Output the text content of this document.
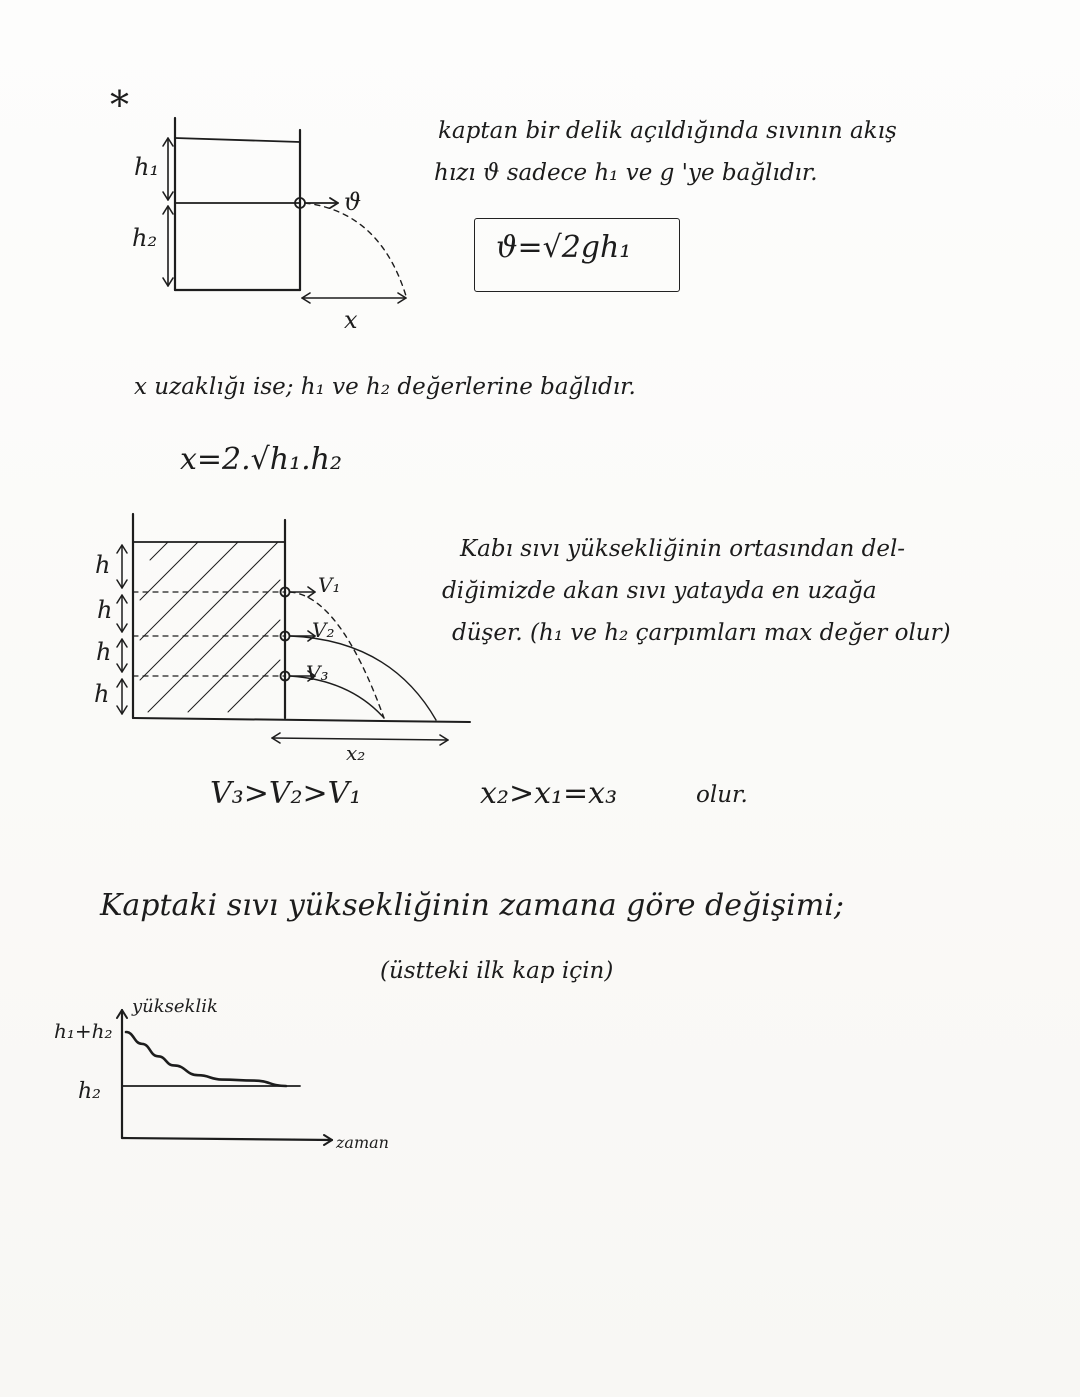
*
h₁
h₂
ϑ
x
h
h
h
h
V₁
V₂
V₃
x₂
kaptan bir delik açıldığında sıvının akış
hızı ϑ sadece h₁ ve g 'ye bağlıdır.
ϑ=√2gh₁
x uzaklığı ise; h₁ ve h₂ değerlerine bağlıdır.
x=2.√h₁.h₂
Kabı sıvı yüksekliğinin ortasından del-
diğimizde akan sıvı yatayda en uzağa
düşer. (h₁ ve h₂ çarpımları max değer olur)
V₃>V₂>V₁	x₂>x₁=x₃	olur.
Kaptaki sıvı yüksekliğinin zamana göre değişimi;
(üstteki ilk kap için)
yükseklik
zaman
h₁+h₂
h₂
